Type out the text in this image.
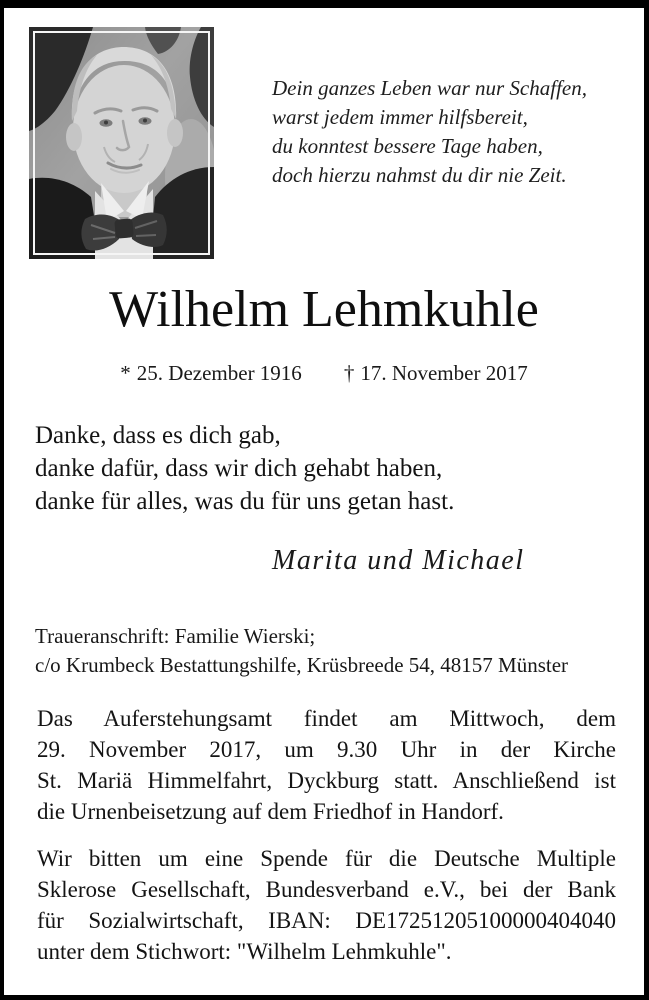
Dein ganzes Leben war nur Schaffen,
warst jedem immer hilfsbereit,
du konntest bessere Tage haben,
doch hierzu nahmst du dir nie Zeit.
Wilhelm Lehmkuhle
* 25. Dezember 1916 † 17. November 2017
Danke, dass es dich gab,
danke dafür, dass wir dich gehabt haben,
danke für alles, was du für uns getan hast.
Marita und Michael
Traueranschrift: Familie Wierski;
c/o Krumbeck Bestattungshilfe, Krüsbreede 54, 48157 Münster
Das Auferstehungsamt findet am Mittwoch, dem
29. November 2017, um 9.30 Uhr in der Kirche
St. Mariä Himmelfahrt, Dyckburg statt. Anschließend ist
die Urnenbeisetzung auf dem Friedhof in Handorf.
Wir bitten um eine Spende für die Deutsche Multiple
Sklerose Gesellschaft, Bundesverband e.V., bei der Bank
für Sozialwirtschaft, IBAN: DE17251205100000404040
unter dem Stichwort: "Wilhelm Lehmkuhle".
